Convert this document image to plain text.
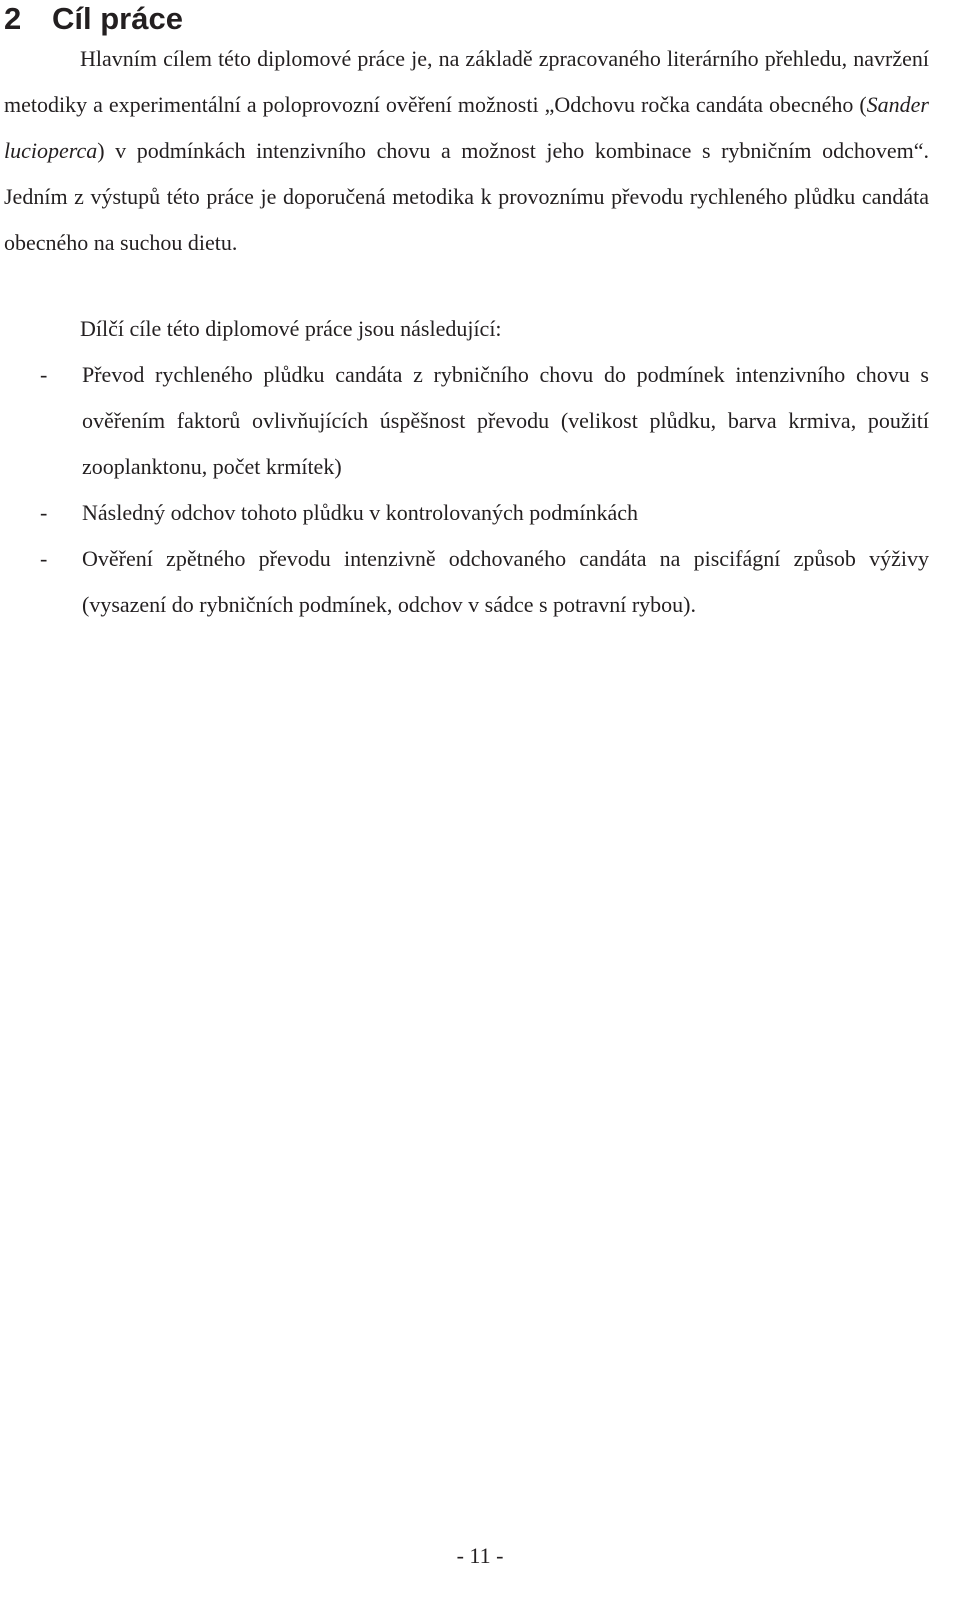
2 Cíl práce

Hlavním cílem této diplomové práce je, na základě zpracovaného literárního přehledu, navržení metodiky a experimentální a poloprovozní ověření možnosti „Odchovu ročka candáta obecného (Sander lucioperca) v podmínkách intenzivního chovu a možnost jeho kombinace s rybničním odchovem“. Jedním z výstupů této práce je doporučená metodika k provoznímu převodu rychleného plůdku candáta obecného na suchou dietu.

Dílčí cíle této diplomové práce jsou následující:

- Převod rychleného plůdku candáta z rybničního chovu do podmínek intenzivního chovu s ověřením faktorů ovlivňujících úspěšnost převodu (velikost plůdku, barva krmiva, použití zooplanktonu, počet krmítek)
- Následný odchov tohoto plůdku v kontrolovaných podmínkách
- Ověření zpětného převodu intenzivně odchovaného candáta na piscifágní způsob výživy (vysazení do rybničních podmínek, odchov v sádce s potravní rybou).

- 11 -
